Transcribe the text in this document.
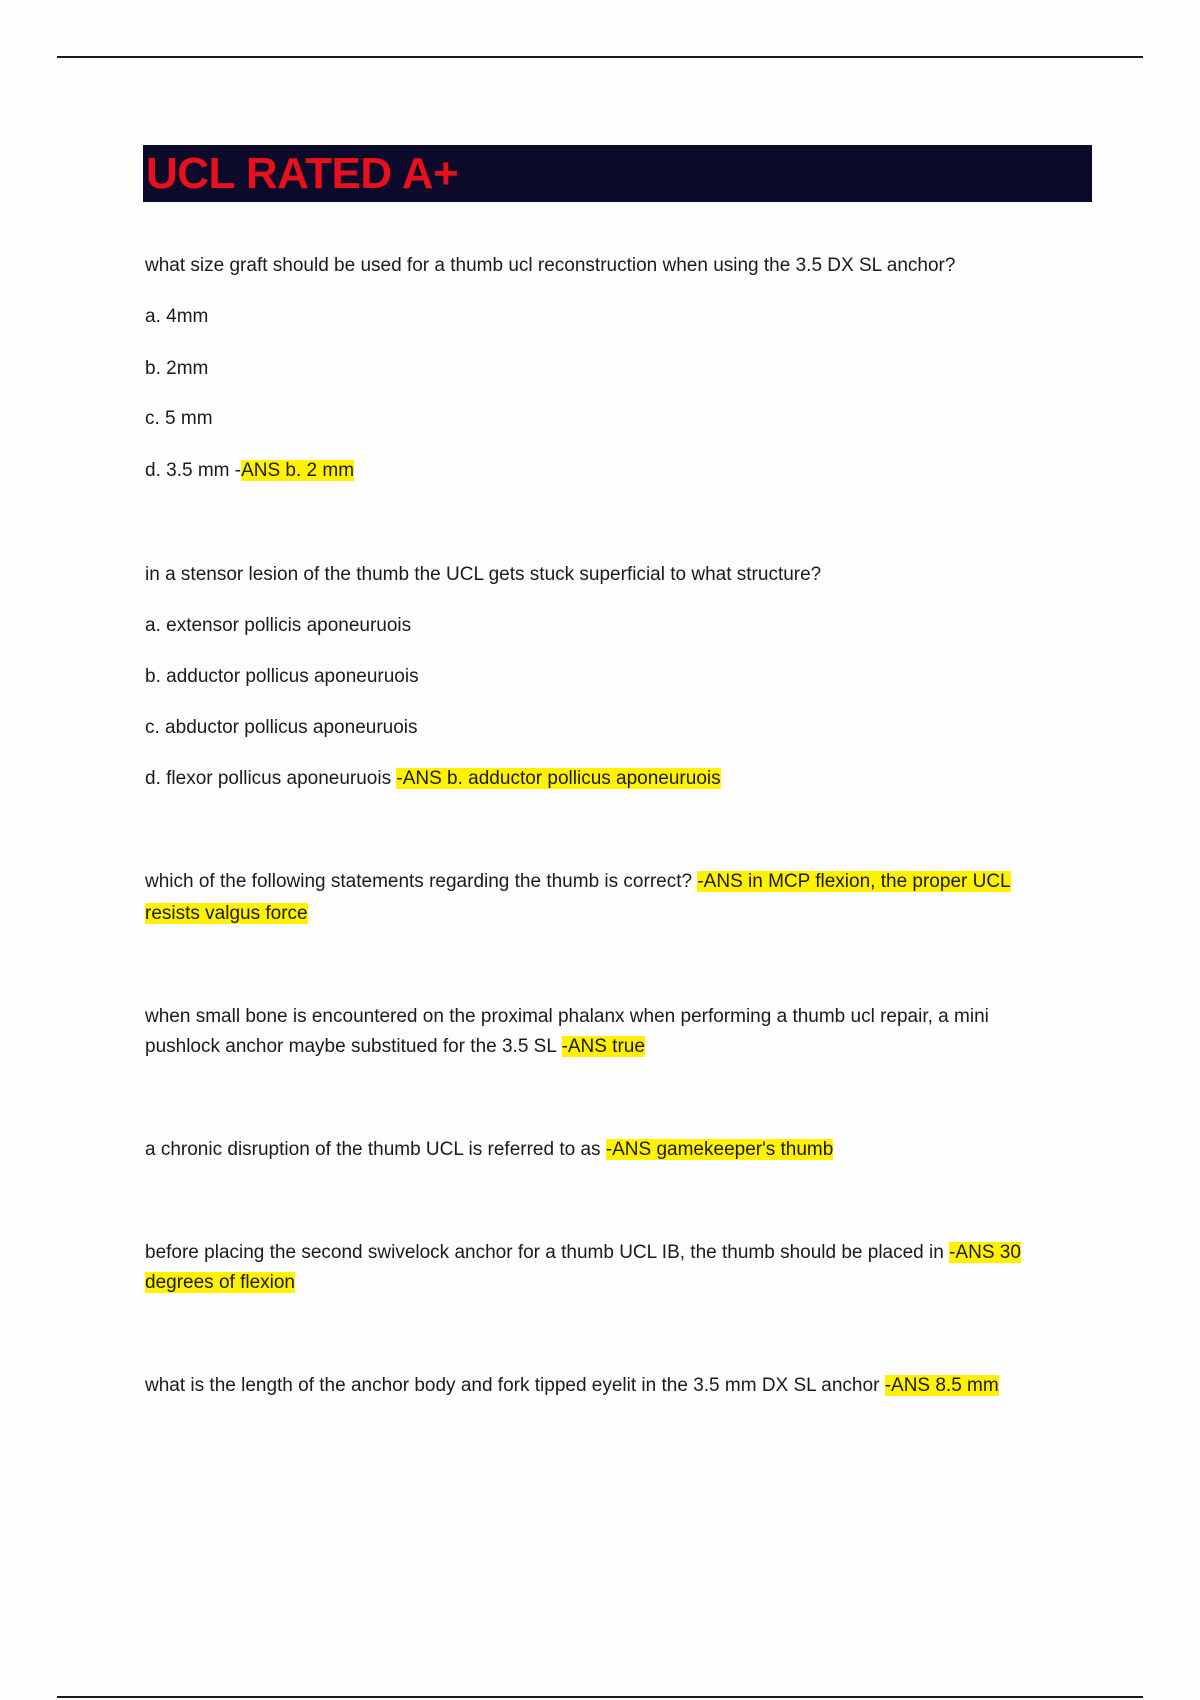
UCL RATED A+
what size graft should be used for a thumb ucl reconstruction when using the 3.5 DX SL anchor?
a. 4mm
b. 2mm
c. 5 mm
d. 3.5 mm -ANS b. 2 mm
in a stensor lesion of the thumb the UCL gets stuck superficial to what structure?
a. extensor pollicis aponeuruois
b. adductor pollicus aponeuruois
c. abductor pollicus aponeuruois
d. flexor pollicus aponeuruois -ANS b. adductor pollicus aponeuruois
which of the following statements regarding the thumb is correct? -ANS in MCP flexion, the proper UCL
resists valgus force
when small bone is encountered on the proximal phalanx when performing a thumb ucl repair, a mini
pushlock anchor maybe substitued for the 3.5 SL -ANS true
a chronic disruption of the thumb UCL is referred to as -ANS gamekeeper's thumb
before placing the second swivelock anchor for a thumb UCL IB, the thumb should be placed in -ANS 30
degrees of flexion
what is the length of the anchor body and fork tipped eyelit in the 3.5 mm DX SL anchor -ANS 8.5 mm
